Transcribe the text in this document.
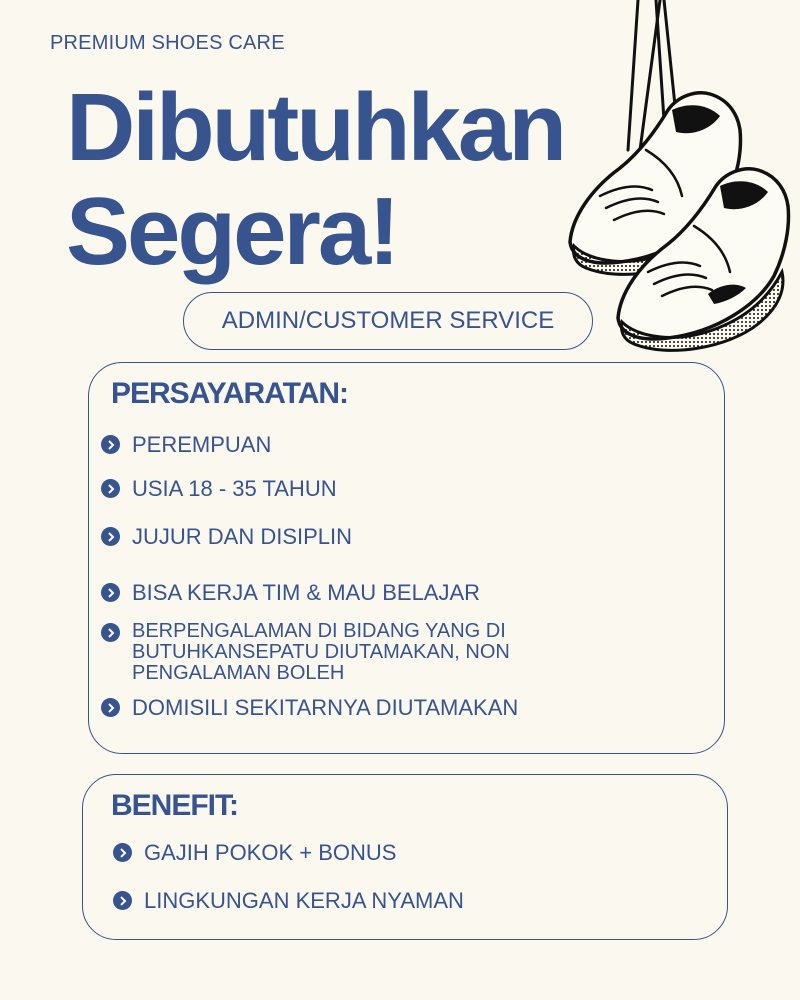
PREMIUM SHOES CARE
Dibutuhkan
Segera!
ADMIN/CUSTOMER SERVICE
PERSAYARATAN:
PEREMPUAN
USIA 18 - 35 TAHUN
JUJUR DAN DISIPLIN
BISA KERJA TIM & MAU BELAJAR
BERPENGALAMAN DI BIDANG YANG DI
BUTUHKANSEPATU DIUTAMAKAN, NON
PENGALAMAN BOLEH
DOMISILI SEKITARNYA DIUTAMAKAN
BENEFIT:
GAJIH POKOK + BONUS
LINGKUNGAN KERJA NYAMAN
